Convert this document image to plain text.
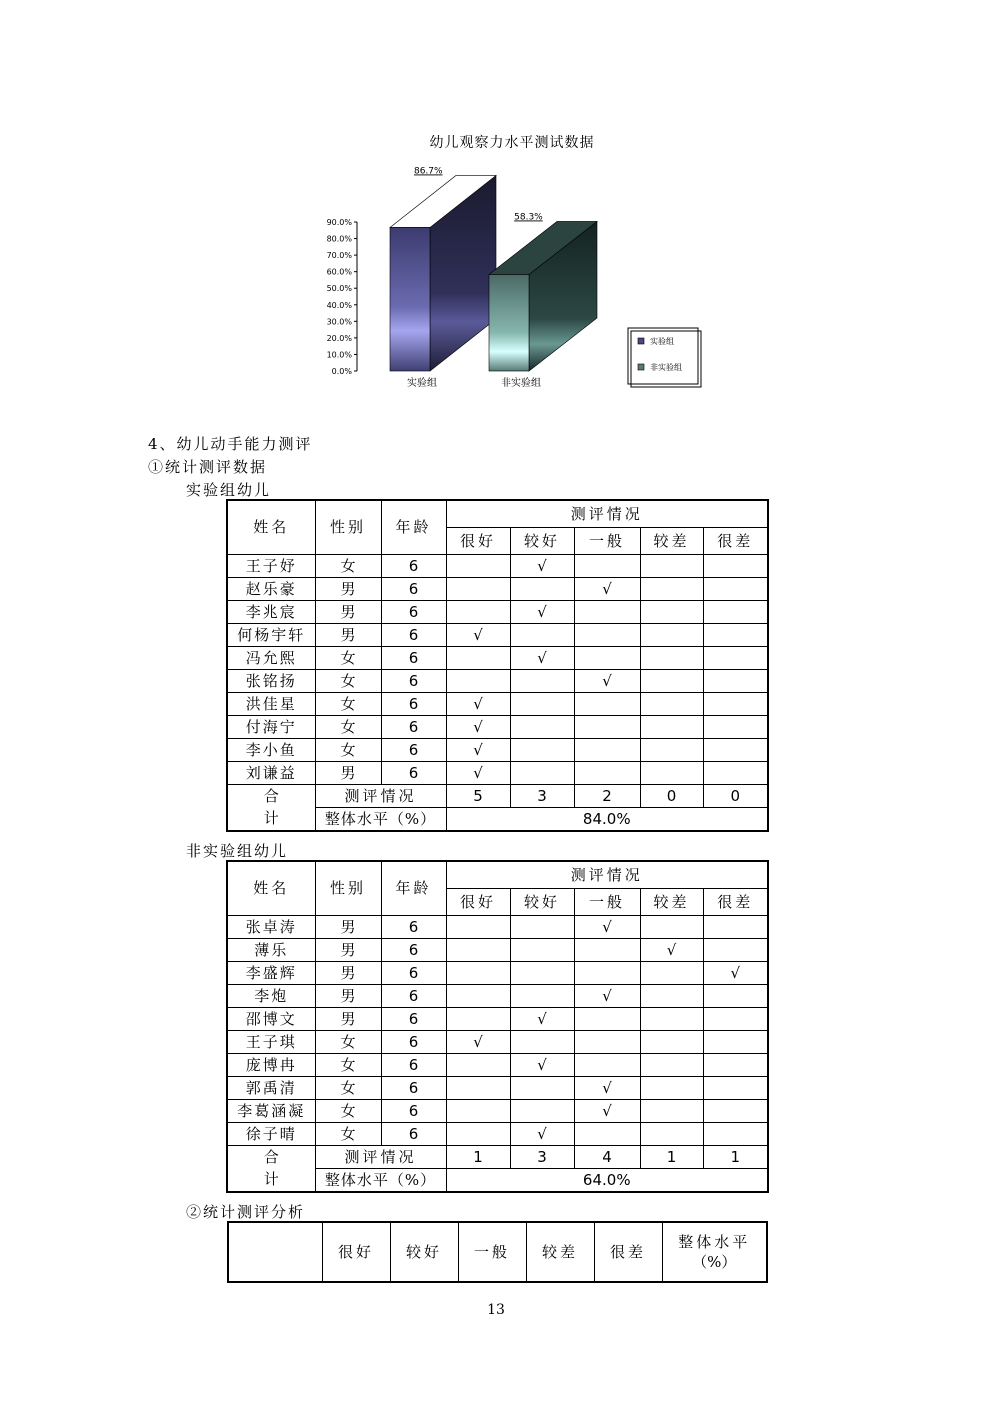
幼儿观察力水平测试数据
90.0%
80.0%
70.0%
60.0%
50.0%
40.0%
30.0%
20.0%
10.0%
0.0%
86.7%
58.3%
实验组	非实验组
实验组
非实验组
4、幼儿动手能力测评
①统计测评数据
实验组幼儿
姓名	性别	年龄	测评情况				
			很好	较好	一般	较差	很差
王子妤	女	6		√			
赵乐豪	男	6			√		
李兆宸	男	6		√			
何杨宇轩	男	6	√				
冯允熙	女	6		√			
张铭扬	女	6			√		
洪佳星	女	6	√				
付海宁	女	6	√				
李小鱼	女	6	√				
刘谦益	男	6	√				
合	测评情况		5	3	2	0	0
计	整体水平（%）		84.0%				
非实验组幼儿
姓名	性别	年龄	测评情况				
			很好	较好	一般	较差	很差
张卓涛	男	6			√		
薄乐	男	6				√	
李盛辉	男	6					√
李炮	男	6			√		
邵博文	男	6		√			
王子琪	女	6	√				
庞博冉	女	6		√			
郭禹清	女	6			√		
李葛涵凝	女	6			√		
徐子晴	女	6		√			
合	测评情况		1	3	4	1	1
计	整体水平（%）		64.0%				
②统计测评分析
	很好	较好	一般	较差	很差	
整体水平
（%）
13
